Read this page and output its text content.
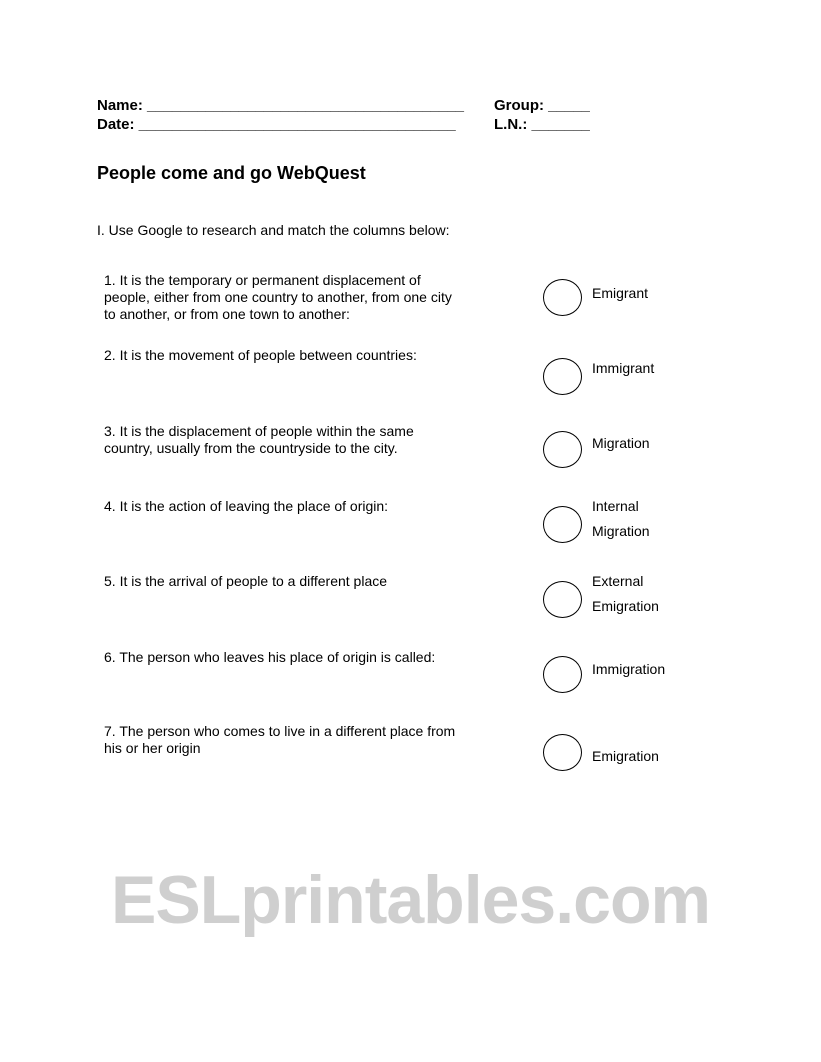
ESLprintables.com
Name: ______________________________________ Group: _____
Date: ______________________________________	L.N.: _______
People come and go WebQuest
I. Use Google to research and match the columns below:
1. It is the temporary or permanent displacement of people, either from one country to another, from one city to another, or from one town to another:
2. It is the movement of people between countries:
3. It is the displacement of people within the same country, usually from the countryside to the city.
4. It is the action of leaving the place of origin:
5. It is the arrival of people to a different place
6. The person who leaves his place of origin is called:
7. The person who comes to live in a different place from his or her origin
Emigrant
Immigrant
Migration
Internal
Migration
External
Emigration
Immigration
Emigration
